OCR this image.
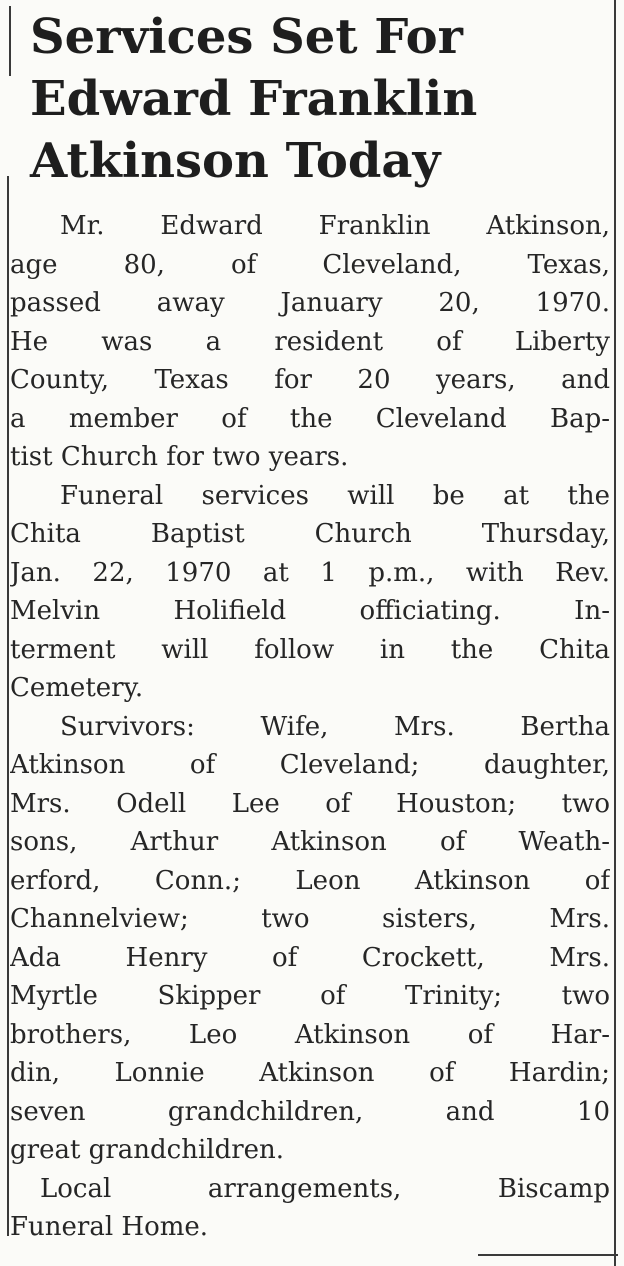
Services Set For
Edward Franklin
Atkinson Today
Mr. Edward Franklin Atkinson,
age 80, of Cleveland, Texas,
passed away January 20, 1970.
He was a resident of Liberty
County, Texas for 20 years, and
a member of the Cleveland Bap-
tist Church for two years.
Funeral services will be at the
Chita Baptist Church Thursday,
Jan. 22, 1970 at 1 p.m., with Rev.
Melvin Holifield officiating. In-
terment will follow in the Chita
Cemetery.
Survivors: Wife, Mrs. Bertha
Atkinson of Cleveland; daughter,
Mrs. Odell Lee of Houston; two
sons, Arthur Atkinson of Weath-
erford, Conn.; Leon Atkinson of
Channelview; two sisters, Mrs.
Ada Henry of Crockett, Mrs.
Myrtle Skipper of Trinity; two
brothers, Leo Atkinson of Har-
din, Lonnie Atkinson of Hardin;
seven grandchildren, and 10
great grandchildren.
Local arrangements, Biscamp
Funeral Home.
